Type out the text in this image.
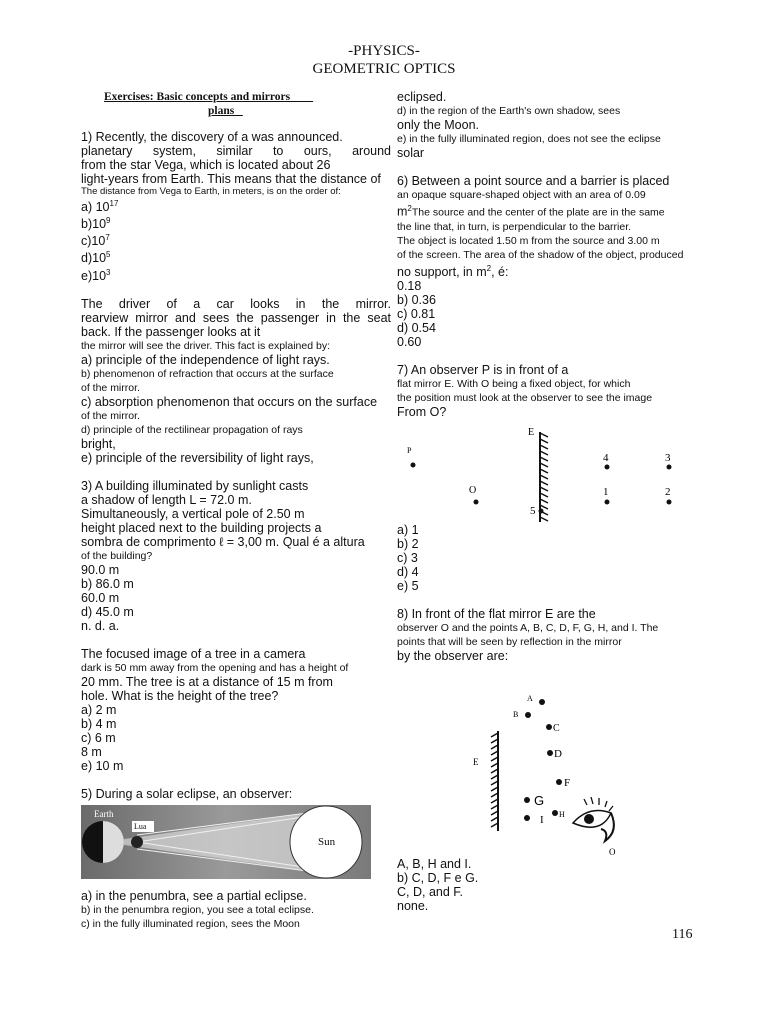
-PHYSICS-
GEOMETRIC OPTICS
Exercises: Basic concepts and mirrors
plans
1) Recently, the discovery of a was announced.
planetary system, similar to ours, around
from the star Vega, which is located about 26
light-years from Earth. This means that the distance of
The distance from Vega to Earth, in meters, is on the order of:
a) $10^{17}$
$b)10^9$
$c)10^7$
$d)10^5$
$e)10^3$
The driver of a car looks in the mirror.
rearview mirror and sees the passenger in the seat
back. If the passenger looks at it
the mirror will see the driver. This fact is explained by:
a) principle of the independence of light rays.
b) phenomenon of refraction that occurs at the surface
of the mirror.
c) absorption phenomenon that occurs on the surface
of the mirror.
d) principle of the rectilinear propagation of rays
bright,
e) principle of the reversibility of light rays,
3) A building illuminated by sunlight casts
a shadow of length L = 72.0 m.
Simultaneously, a vertical pole of 2.50 m
height placed next to the building projects a
sombra de comprimento ℓ = 3,00 m. Qual é a altura
of the building?
90.0 m
b) 86.0 m
60.0 m
d) 45.0 m
n. d. a.
The focused image of a tree in a camera
dark is 50 mm away from the opening and has a height of
20 mm. The tree is at a distance of 15 m from
hole. What is the height of the tree?
a) 2 m
b) 4 m
c) 6 m
8 m
e) 10 m
5) During a solar eclipse, an observer:
Earth
Lua
Sun
a) in the penumbra, see a partial eclipse.
b) in the penumbra region, you see a total eclipse.
c) in the fully illuminated region, sees the Moon
eclipsed.
d) in the region of the Earth's own shadow, sees
only the Moon.
e) in the fully illuminated region, does not see the eclipse
solar
6) Between a point source and a barrier is placed
an opaque square-shaped object with an area of 0.09
$m^2The$ source and the center of the plate are in the same
the line that, in turn, is perpendicular to the barrier.
The object is located 1.50 m from the source and 3.00 m
of the screen. The area of the shadow of the object, produced
no support, in $m^2$, é:
0.18
b) 0.36
c) 0.81
d) 0.54
0.60
7) An observer P is in front of a
flat mirror E. With O being a fixed object, for which
the position must look at the observer to see the image
From O?
E
P
O
4	3
1	2
5
a) 1
b) 2
c) 3
d) 4
e) 5
8) In front of the flat mirror E are the
observer O and the points A, B, C, D, F, G, H, and I. The
points that will be seen by reflection in the mirror
by the observer are:
E
A
B
C
D
F
G
I H
O
A, B, H and I.
b) C, D, F e G.
C, D, and F.
none.
116
